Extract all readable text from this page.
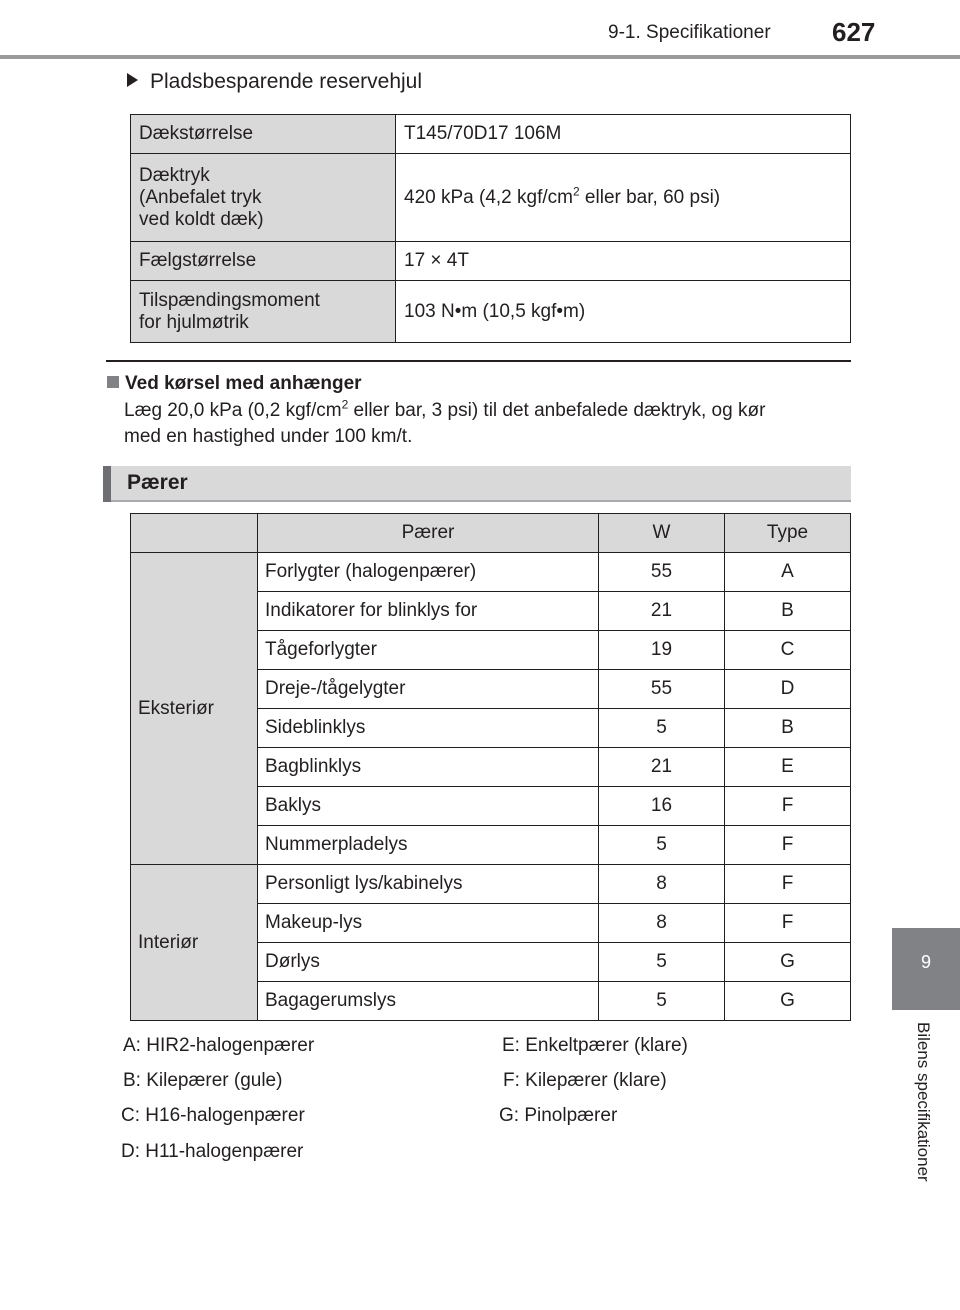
9-1. Specifikationer 627
9
Bilens specifikationer
Pladsbesparende reservehjul
Dækstørrelse	T145/70D17 106M
Dæktryk
(Anbefalet tryk
ved koldt dæk)	420 kPa (4,2 kgf/$cm^2$ eller bar, 60 psi)
Fælgstørrelse	17 × 4T
Tilspændingsmoment
for hjulmøtrik	103 N•m (10,5 kgf•m)
Ved kørsel med anhænger
Læg 20,0 kPa (0,2 kgf/$cm^2$ eller bar, 3 psi) til det anbefalede dæktryk, og kør
med en hastighed under 100 km/t.
Pærer
	Pærer	W	Type
Eksteriør	Forlygter (halogenpærer)	55	A
	Indikatorer for blinklys for	21	B
	Tågeforlygter	19	C
	Dreje-/tågelygter	55	D
	Sideblinklys	5	B
	Bagblinklys	21	E
	Baklys	16	F
	Nummerpladelys	5	F
Interiør	Personligt lys/kabinelys	8	F
	Makeup-lys	8	F
	Dørlys	5	G
	Bagagerumslys	5	G
A: HIR2-halogenpærer
B: Kilepærer (gule)
C: H16-halogenpærer
D: H11-halogenpærer
E: Enkeltpærer (klare)
F: Kilepærer (klare)
G: Pinolpærer
